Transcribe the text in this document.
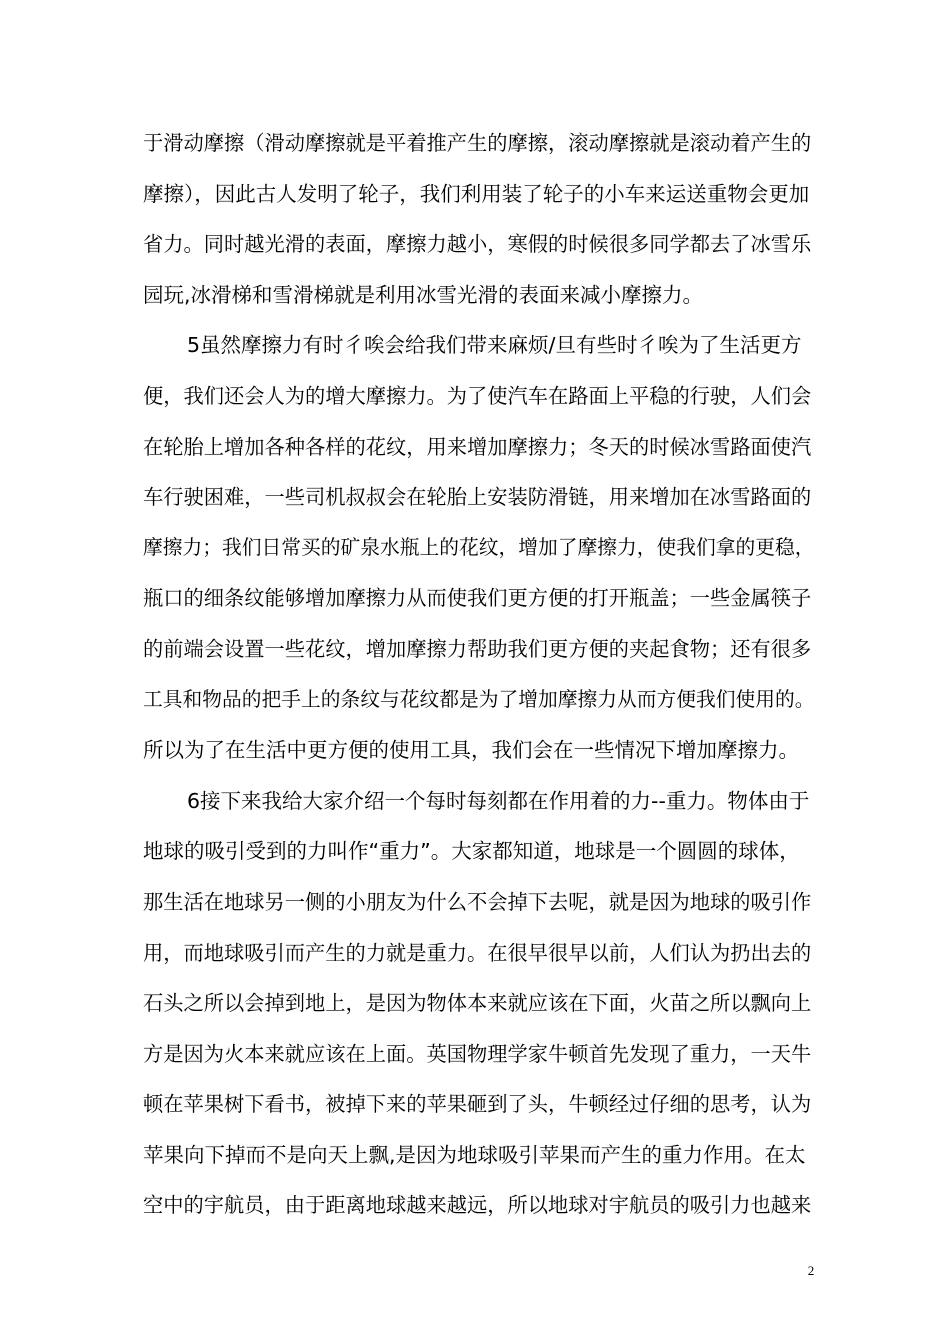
于滑动摩擦（滑动摩擦就是平着推产生的摩擦，滚动摩擦就是滚动着产生的
摩擦），因此古人发明了轮子，我们利用装了轮子的小车来运送重物会更加
省力。同时越光滑的表面，摩擦力越小，寒假的时候很多同学都去了冰雪乐
园玩,冰滑梯和雪滑梯就是利用冰雪光滑的表面来减小摩擦力。
5虽然摩擦力有时彳唉会给我们带来麻烦/旦有些时彳唉为了生活更方
便，我们还会人为的增大摩擦力。为了使汽车在路面上平稳的行驶，人们会
在轮胎上增加各种各样的花纹，用来增加摩擦力；冬天的时候冰雪路面使汽
车行驶困难，一些司机叔叔会在轮胎上安装防滑链，用来增加在冰雪路面的
摩擦力；我们日常买的矿泉水瓶上的花纹，增加了摩擦力，使我们拿的更稳，
瓶口的细条纹能够增加摩擦力从而使我们更方便的打开瓶盖；一些金属筷子
的前端会设置一些花纹，增加摩擦力帮助我们更方便的夹起食物；还有很多
工具和物品的把手上的条纹与花纹都是为了增加摩擦力从而方便我们使用的。
所以为了在生活中更方便的使用工具，我们会在一些情况下增加摩擦力。
6接下来我给大家介绍一个每时每刻都在作用着的力--重力。物体由于
地球的吸引受到的力叫作“重力”。大家都知道，地球是一个圆圆的球体，
那生活在地球另一侧的小朋友为什么不会掉下去呢，就是因为地球的吸引作
用，而地球吸引而产生的力就是重力。在很早很早以前，人们认为扔出去的
石头之所以会掉到地上，是因为物体本来就应该在下面，火苗之所以飘向上
方是因为火本来就应该在上面。英国物理学家牛顿首先发现了重力，一天牛
顿在苹果树下看书，被掉下来的苹果砸到了头，牛顿经过仔细的思考，认为
苹果向下掉而不是向天上飘,是因为地球吸引苹果而产生的重力作用。在太
空中的宇航员，由于距离地球越来越远，所以地球对宇航员的吸引力也越来
2
